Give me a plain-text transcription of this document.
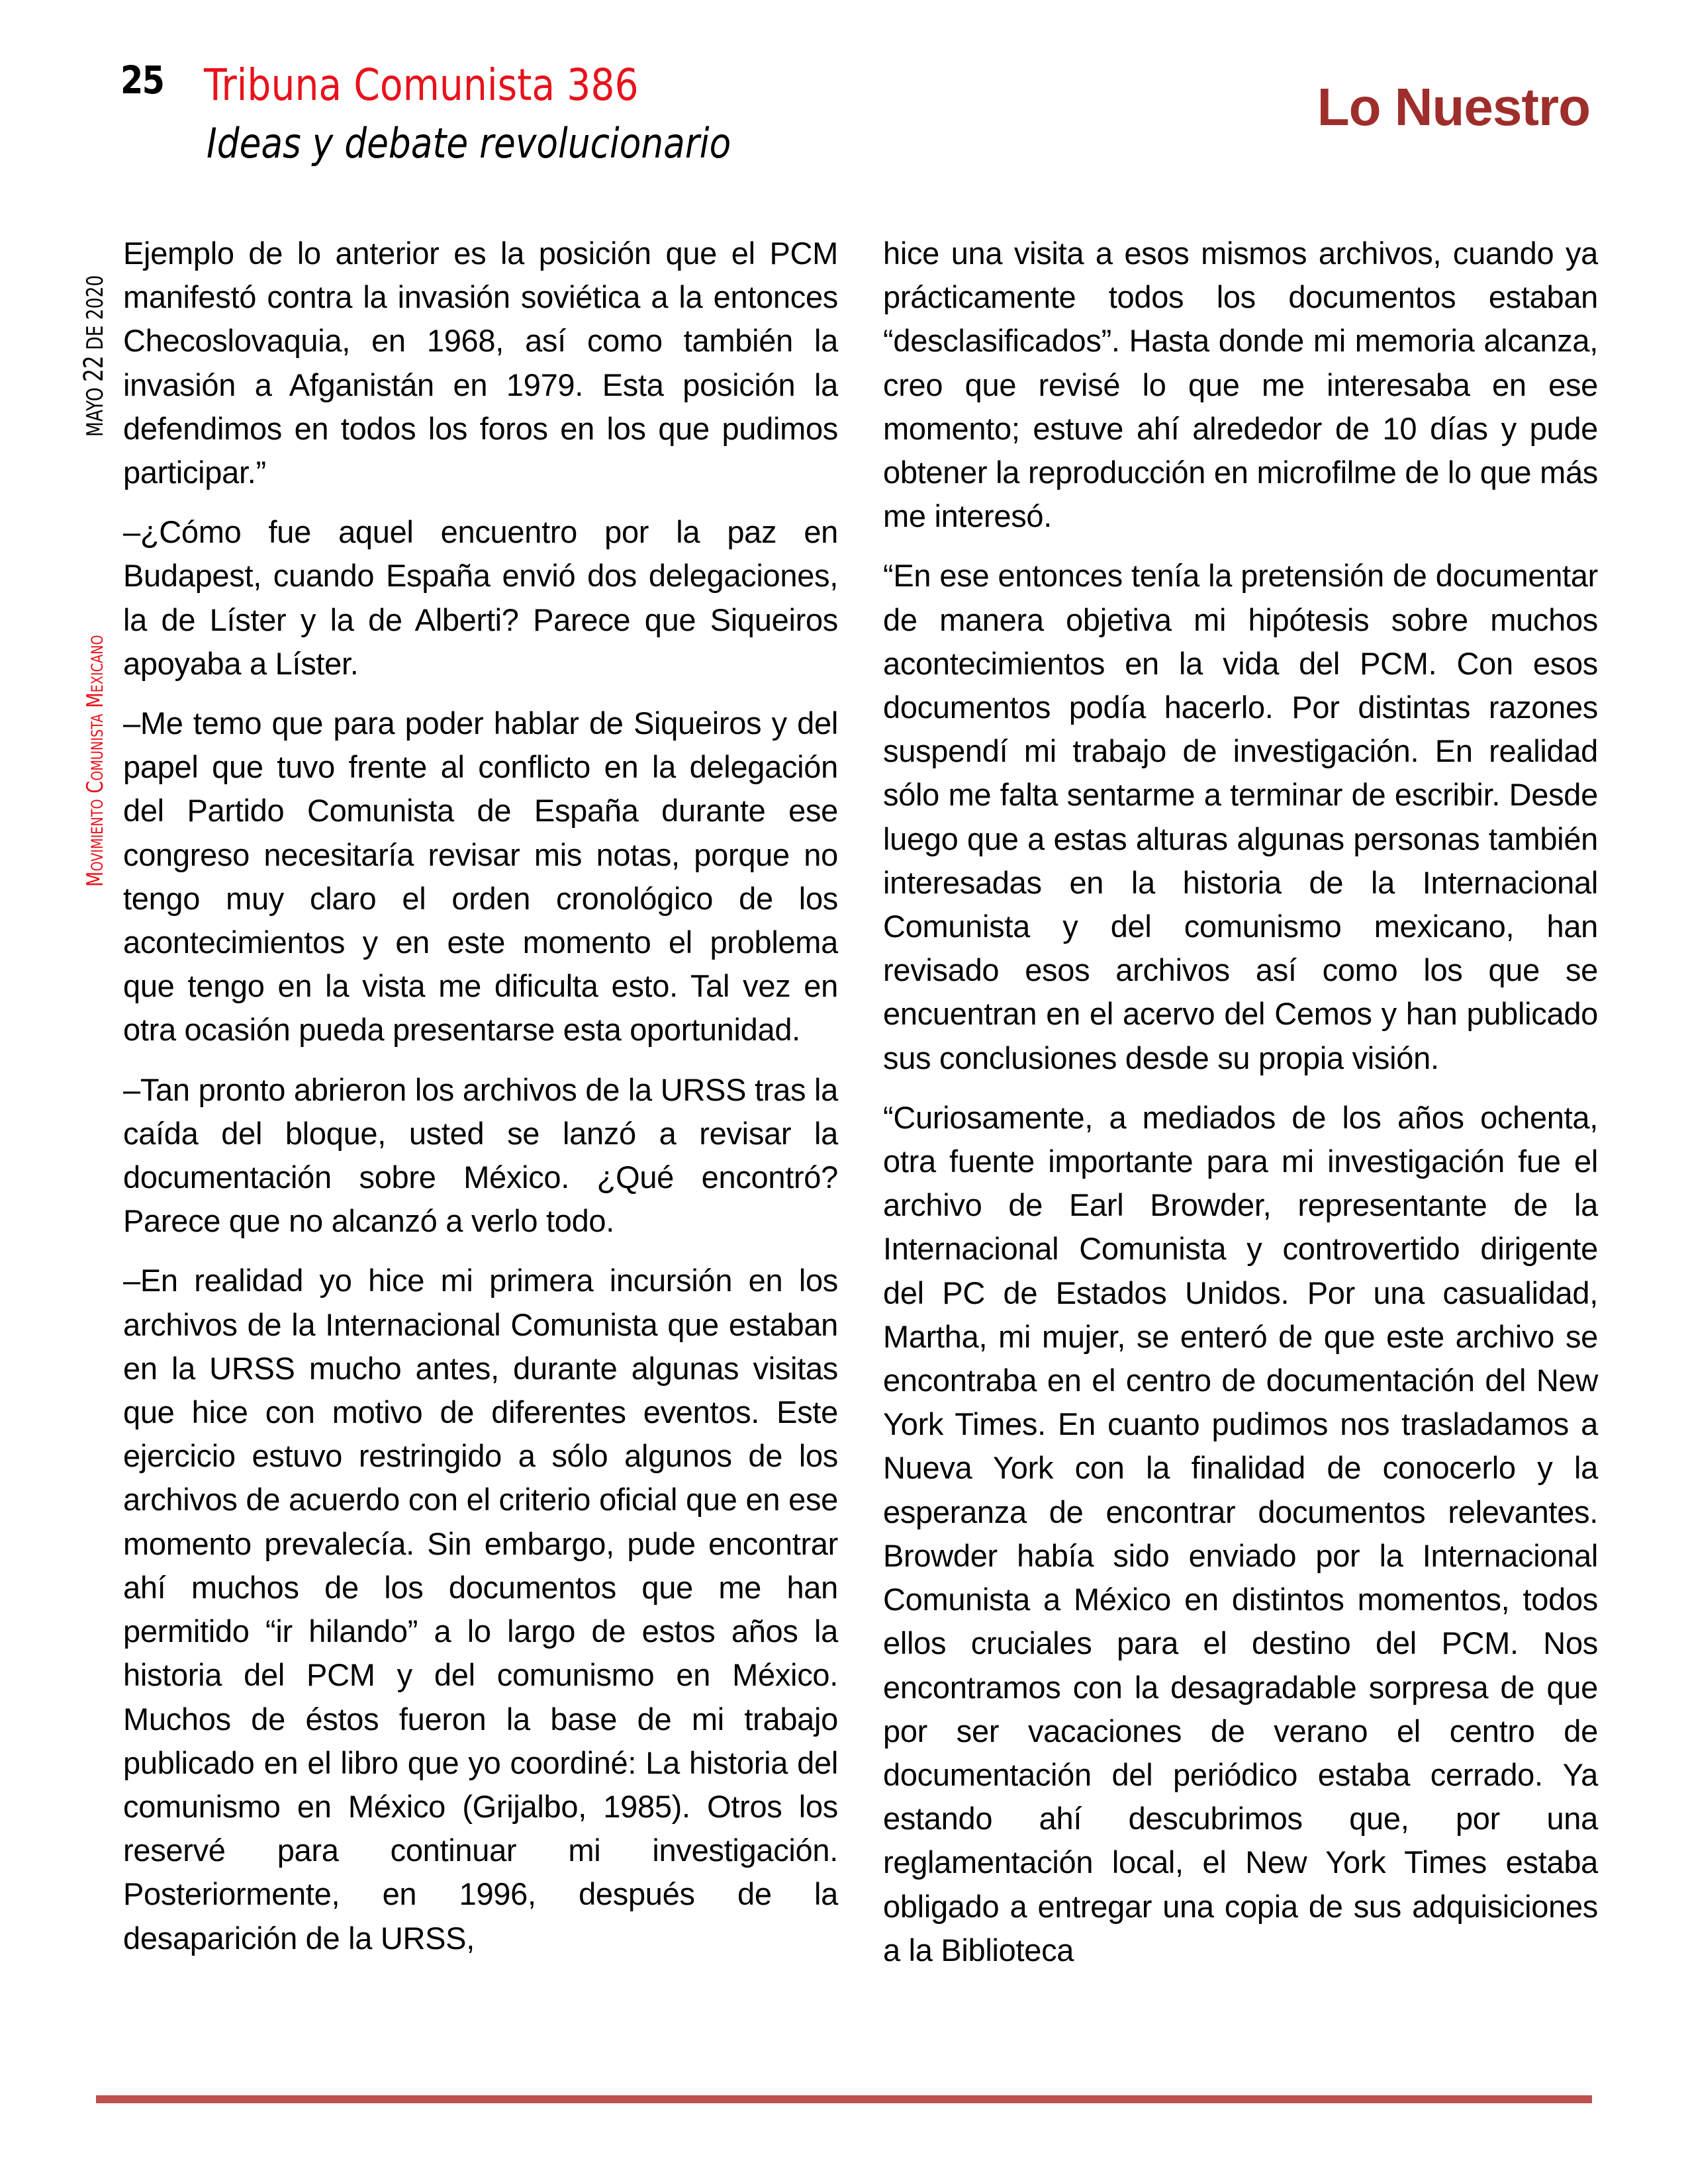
25 Tribuna Comunista 386
Ideas y debate revolucionario
Lo Nuestro
Movimiento Comunista MexicanoMAYO 22 DE 2020

Ejemplo de lo anterior es la posición que el PCM manifestó contra la invasión soviética a la entonces Checoslovaquia, en 1968, así como también la invasión a Afganistán en 1979. Esta posición la defendimos en todos los foros en los que pudimos participar.”

–¿Cómo fue aquel encuentro por la paz en Budapest, cuando España envió dos delegaciones, la de Líster y la de Alberti? Parece que Siqueiros apoyaba a Líster.

–Me temo que para poder hablar de Siqueiros y del papel que tuvo frente al conflicto en la delegación del Partido Comunista de España durante ese congreso necesitaría revisar mis notas, porque no tengo muy claro el orden cronológico de los acontecimientos y en este momento el problema que tengo en la vista me dificulta esto. Tal vez en otra ocasión pueda presentarse esta oportunidad.

–Tan pronto abrieron los archivos de la URSS tras la caída del bloque, usted se lanzó a revisar la documentación sobre México. ¿Qué encontró? Parece que no alcanzó a verlo todo.

–En realidad yo hice mi primera incursión en los archivos de la Internacional Comunista que estaban en la URSS mucho antes, durante algunas visitas que hice con motivo de diferentes eventos. Este ejercicio estuvo restringido a sólo algunos de los archivos de acuerdo con el criterio oficial que en ese momento prevalecía. Sin embargo, pude encontrar ahí muchos de los documentos que me han permitido “ir hilando” a lo largo de estos años la historia del PCM y del comunismo en México. Muchos de éstos fueron la base de mi trabajo publicado en el libro que yo coordiné: La historia del comunismo en México (Grijalbo, 1985). Otros los reservé para continuar mi investigación. Posteriormente, en 1996, después de la desaparición de la URSS,

hice una visita a esos mismos archivos, cuando ya prácticamente todos los documentos estaban “desclasificados”. Hasta donde mi memoria alcanza, creo que revisé lo que me interesaba en ese momento; estuve ahí alrededor de 10 días y pude obtener la reproducción en microfilme de lo que más me interesó.

“En ese entonces tenía la pretensión de documentar de manera objetiva mi hipótesis sobre muchos acontecimientos en la vida del PCM. Con esos documentos podía hacerlo. Por distintas razones suspendí mi trabajo de investigación. En realidad sólo me falta sentarme a terminar de escribir. Desde luego que a estas alturas algunas personas también interesadas en la historia de la Internacional Comunista y del comunismo mexicano, han revisado esos archivos así como los que se encuentran en el acervo del Cemos y han publicado sus conclusiones desde su propia visión.

“Curiosamente, a mediados de los años ochenta, otra fuente importante para mi investigación fue el archivo de Earl Browder, representante de la Internacional Comunista y controvertido dirigente del PC de Estados Unidos. Por una casualidad, Martha, mi mujer, se enteró de que este archivo se encontraba en el centro de documentación del New York Times. En cuanto pudimos nos trasladamos a Nueva York con la finalidad de conocerlo y la esperanza de encontrar documentos relevantes. Browder había sido enviado por la Internacional Comunista a México en distintos momentos, todos ellos cruciales para el destino del PCM. Nos encontramos con la desagradable sorpresa de que por ser vacaciones de verano el centro de documentación del periódico estaba cerrado. Ya estando ahí descubrimos que, por una reglamentación local, el New York Times estaba obligado a entregar una copia de sus adquisiciones a la Biblioteca
